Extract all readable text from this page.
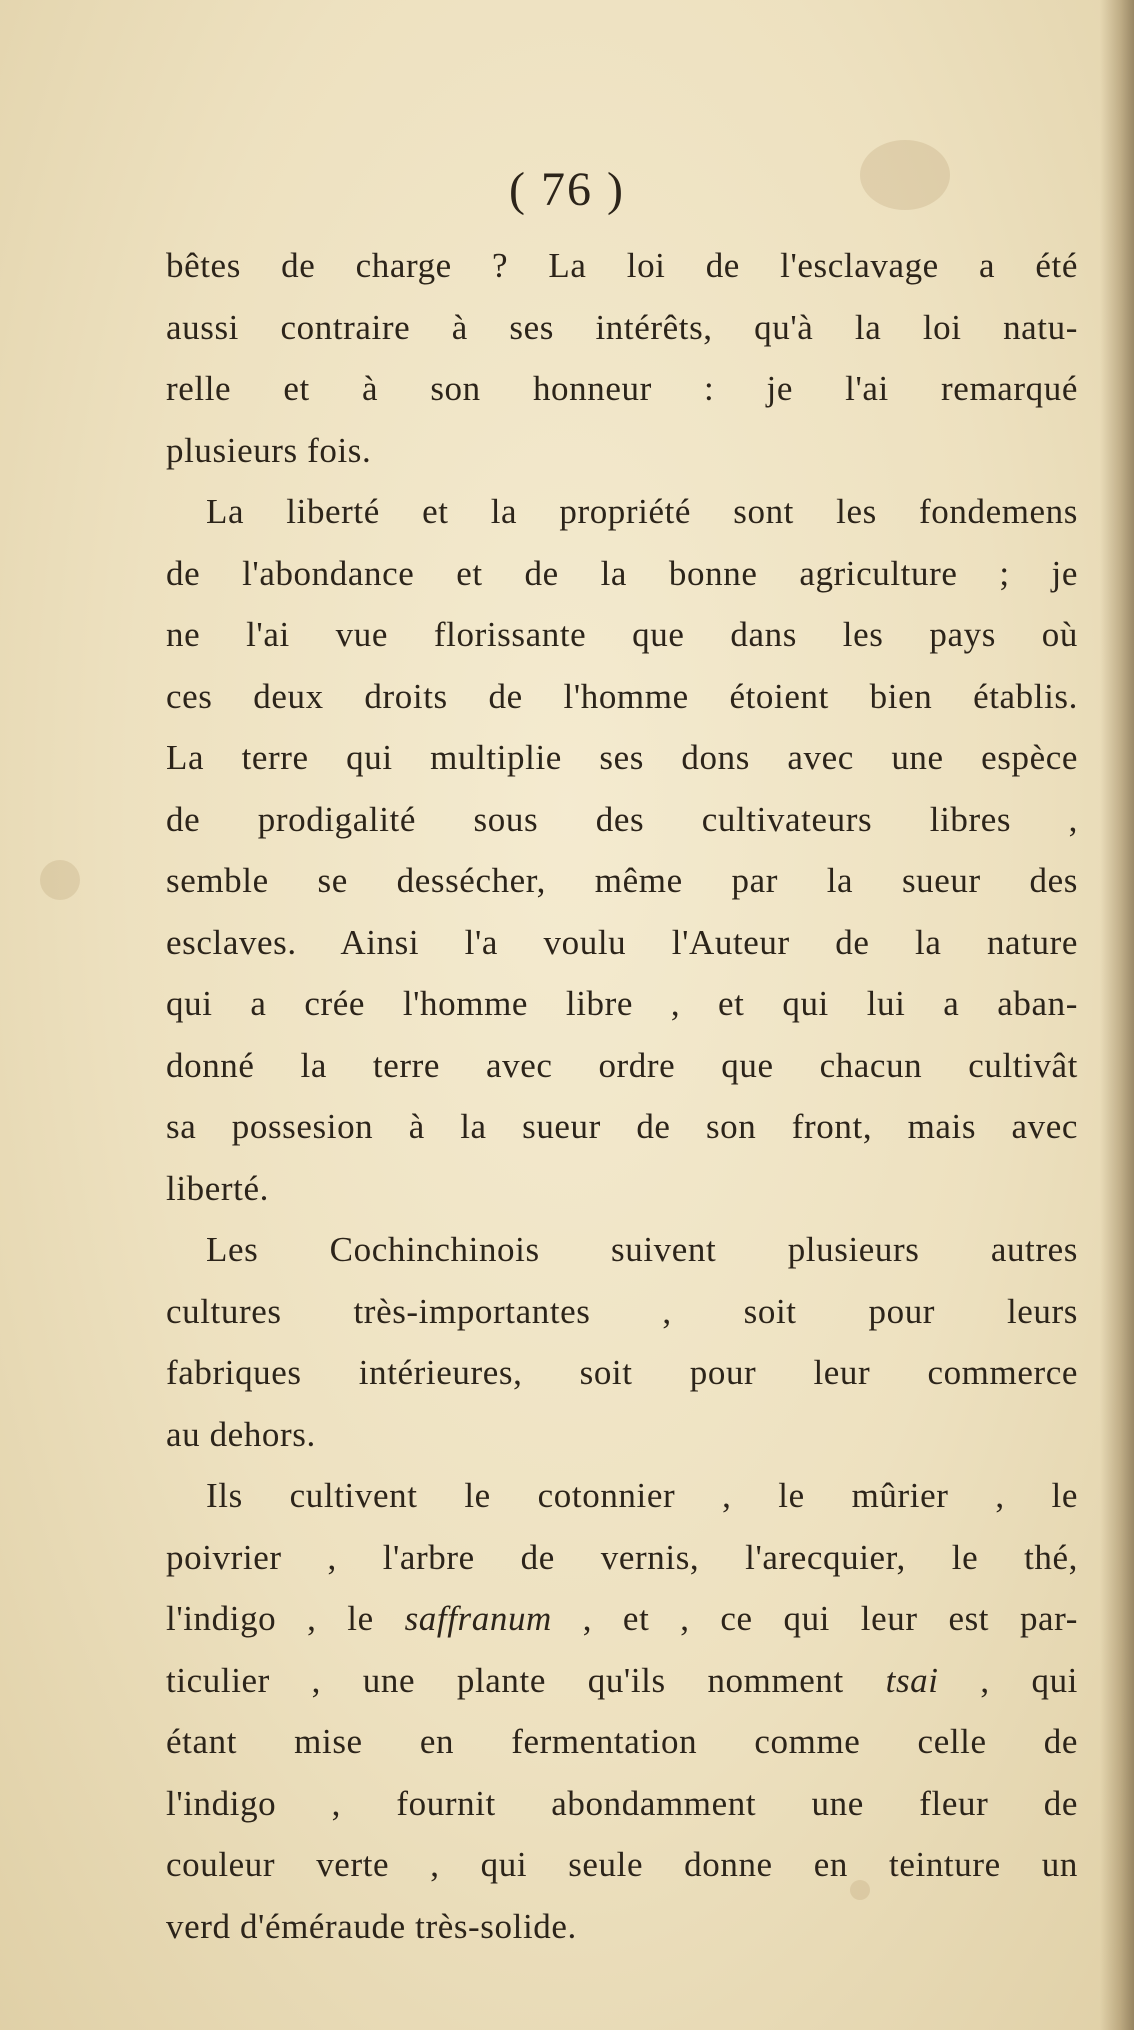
( 76 )
bêtes de charge ? La loi de l'esclavage a été
aussi contraire à ses intérêts, qu'à la loi natu-
relle et à son honneur : je l'ai remarqué
plusieurs fois.
La liberté et la propriété sont les fondemens
de l'abondance et de la bonne agriculture ; je
ne l'ai vue florissante que dans les pays où
ces deux droits de l'homme étoient bien établis.
La terre qui multiplie ses dons avec une espèce
de prodigalité sous des cultivateurs libres ,
semble se dessécher, même par la sueur des
esclaves. Ainsi l'a voulu l'Auteur de la nature
qui a crée l'homme libre , et qui lui a aban-
donné la terre avec ordre que chacun cultivât
sa possesion à la sueur de son front, mais avec
liberté.
Les Cochinchinois suivent plusieurs autres
cultures très-importantes , soit pour leurs
fabriques intérieures, soit pour leur commerce
au dehors.
Ils cultivent le cotonnier , le mûrier , le
poivrier , l'arbre de vernis, l'arecquier, le thé,
l'indigo , le saffranum , et , ce qui leur est par-
ticulier , une plante qu'ils nomment tsai , qui
étant mise en fermentation comme celle de
l'indigo , fournit abondamment une fleur de
couleur verte , qui seule donne en teinture un
verd d'éméraude très-solide.
